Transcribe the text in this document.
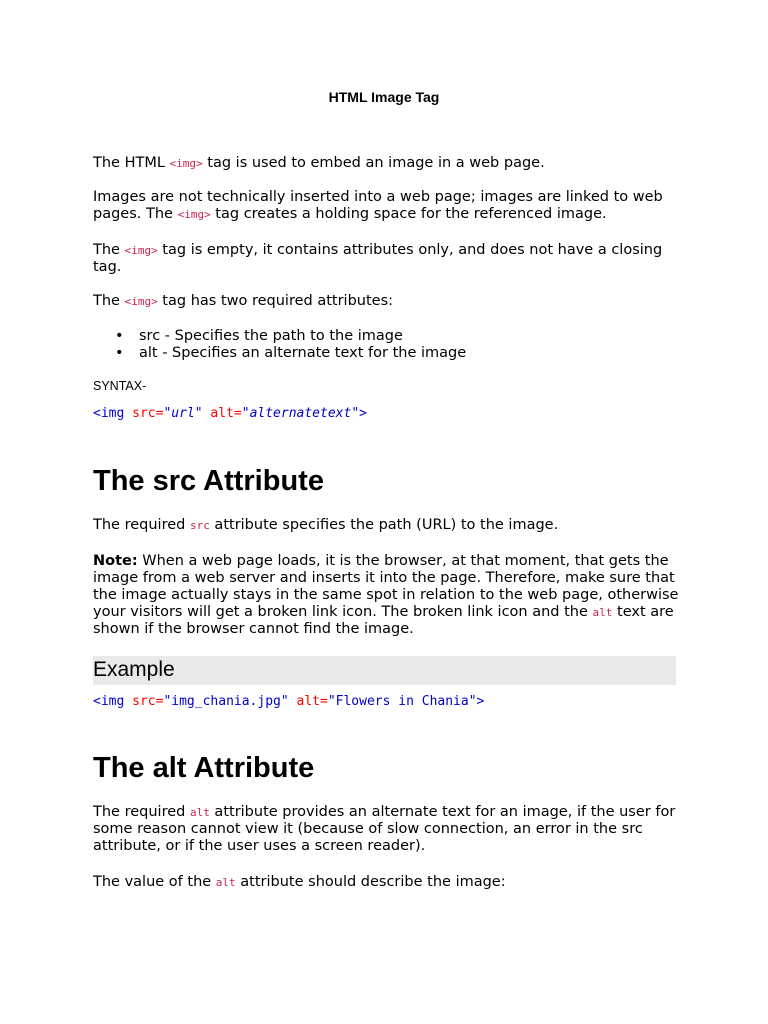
HTML Image Tag

The HTML <img> tag is used to embed an image in a web page.

Images are not technically inserted into a web page; images are linked to web pages. The <img> tag creates a holding space for the referenced image.

The <img> tag is empty, it contains attributes only, and does not have a closing tag.

The <img> tag has two required attributes:

• src - Specifies the path to the image
• alt - Specifies an alternate text for the image
SYNTAX-
<img src="url" alt="alternatetext">
The src Attribute

The required src attribute specifies the path (URL) to the image.

Note: When a web page loads, it is the browser, at that moment, that gets the image from a web server and inserts it into the page. Therefore, make sure that the image actually stays in the same spot in relation to the web page, otherwise your visitors will get a broken link icon. The broken link icon and the alt text are shown if the browser cannot find the image.

Example
<img src="img_chania.jpg" alt="Flowers in Chania">
The alt Attribute

The required alt attribute provides an alternate text for an image, if the user for some reason cannot view it (because of slow connection, an error in the src attribute, or if the user uses a screen reader).

The value of the alt attribute should describe the image:
